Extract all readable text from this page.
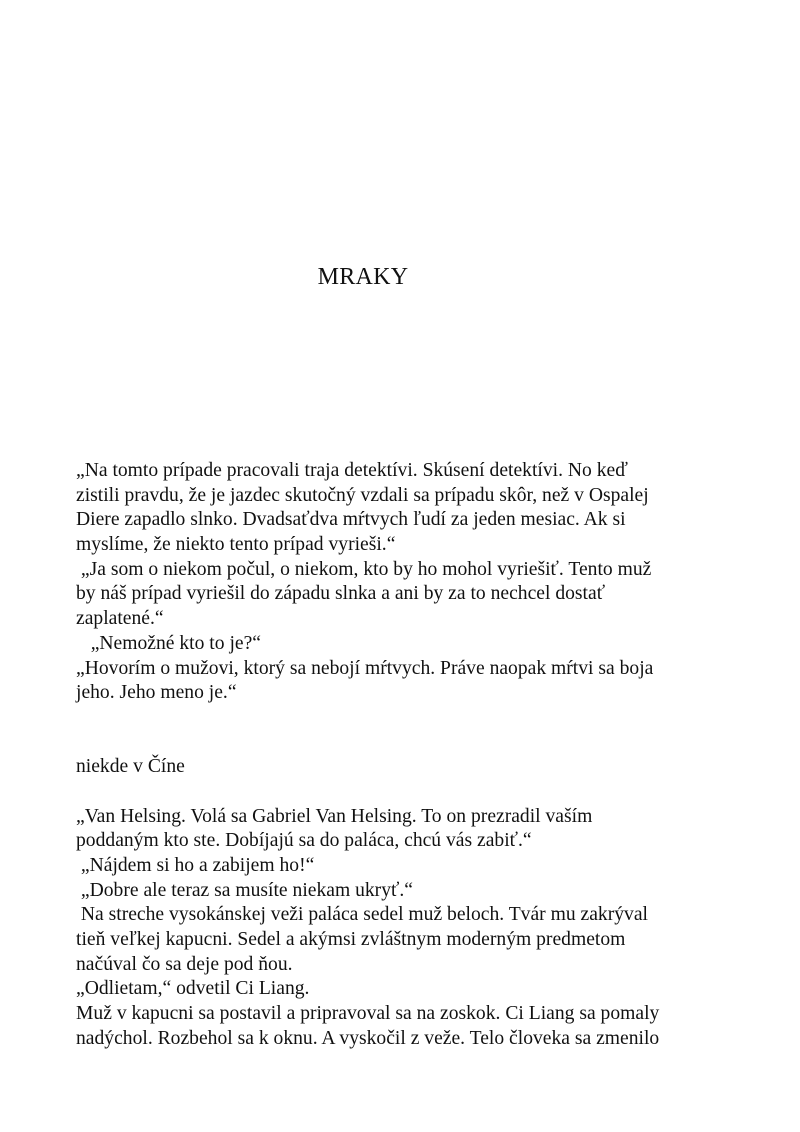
MRAKY
„Na tomto prípade pracovali traja detektívi. Skúsení detektívi. No keď
zistili pravdu, že je jazdec skutočný vzdali sa prípadu skôr, než v Ospalej
Diere zapadlo slnko. Dvadsaťdva mŕtvych ľudí za jeden mesiac. Ak si
myslíme, že niekto tento prípad vyrieši.“
„Ja som o niekom počul, o niekom, kto by ho mohol vyriešiť. Tento muž
by náš prípad vyriešil do západu slnka a ani by za to nechcel dostať
zaplatené.“
„Nemožné kto to je?“
„Hovorím o mužovi, ktorý sa nebojí mŕtvych. Práve naopak mŕtvi sa boja
jeho. Jeho meno je.“
niekde v Číne
„Van Helsing. Volá sa Gabriel Van Helsing. To on prezradil vaším
poddaným kto ste. Dobíjajú sa do paláca, chcú vás zabiť.“
„Nájdem si ho a zabijem ho!“
„Dobre ale teraz sa musíte niekam ukryť.“
Na streche vysokánskej veži paláca sedel muž beloch. Tvár mu zakrýval
tieň veľkej kapucni. Sedel a akýmsi zvláštnym moderným predmetom
načúval čo sa deje pod ňou.
„Odlietam,“ odvetil Ci Liang.
Muž v kapucni sa postavil a pripravoval sa na zoskok. Ci Liang sa pomaly
nadýchol. Rozbehol sa k oknu. A vyskočil z veže. Telo človeka sa zmenilo
